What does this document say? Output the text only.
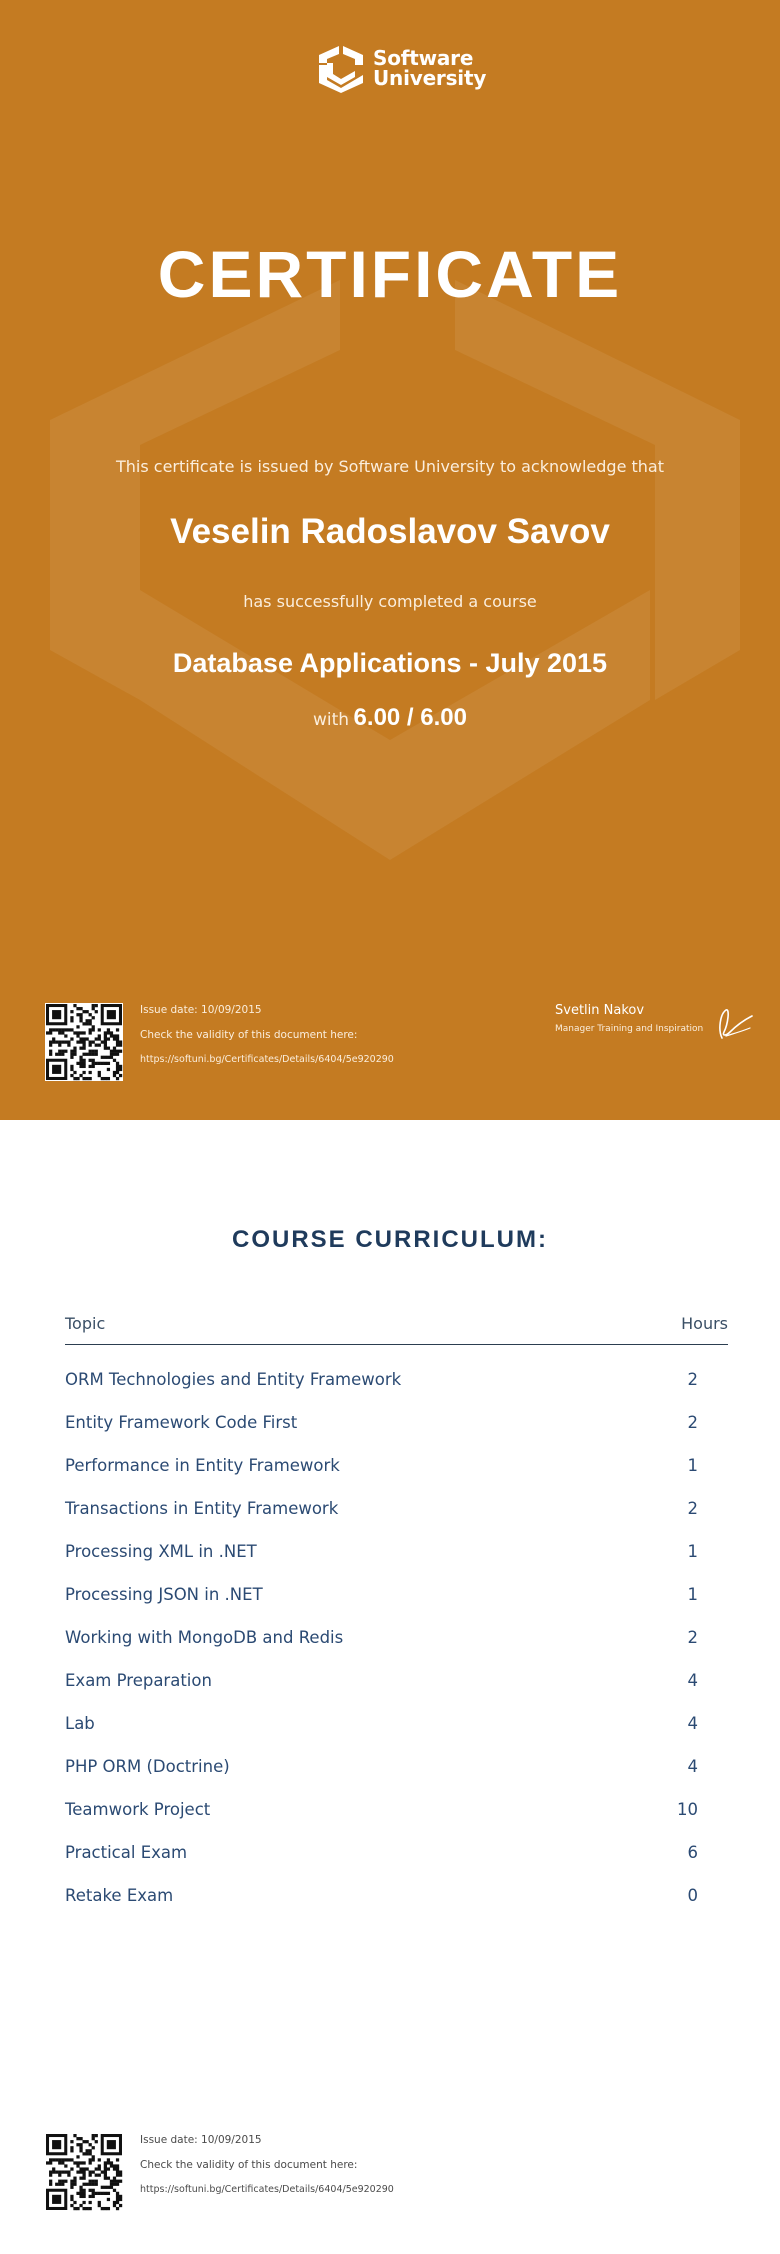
Software
University
CERTIFICATE
This certificate is issued by Software University to acknowledge that
Veselin Radoslavov Savov
has successfully completed a course
Database Applications - July 2015
with 6.00 / 6.00
Issue date: 10/09/2015
Check the validity of this document here:
https://softuni.bg/Certificates/Details/6404/5e920290
Svetlin Nakov
Manager Training and Inspiration
COURSE CURRICULUM:
Topic	Hours
ORM Technologies and Entity Framework	2
Entity Framework Code First	2
Performance in Entity Framework	1
Transactions in Entity Framework	2
Processing XML in .NET	1
Processing JSON in .NET	1
Working with MongoDB and Redis	2
Exam Preparation	4
Lab	4
PHP ORM (Doctrine)	4
Teamwork Project	10
Practical Exam	6
Retake Exam	0
Issue date: 10/09/2015
Check the validity of this document here:
https://softuni.bg/Certificates/Details/6404/5e920290
